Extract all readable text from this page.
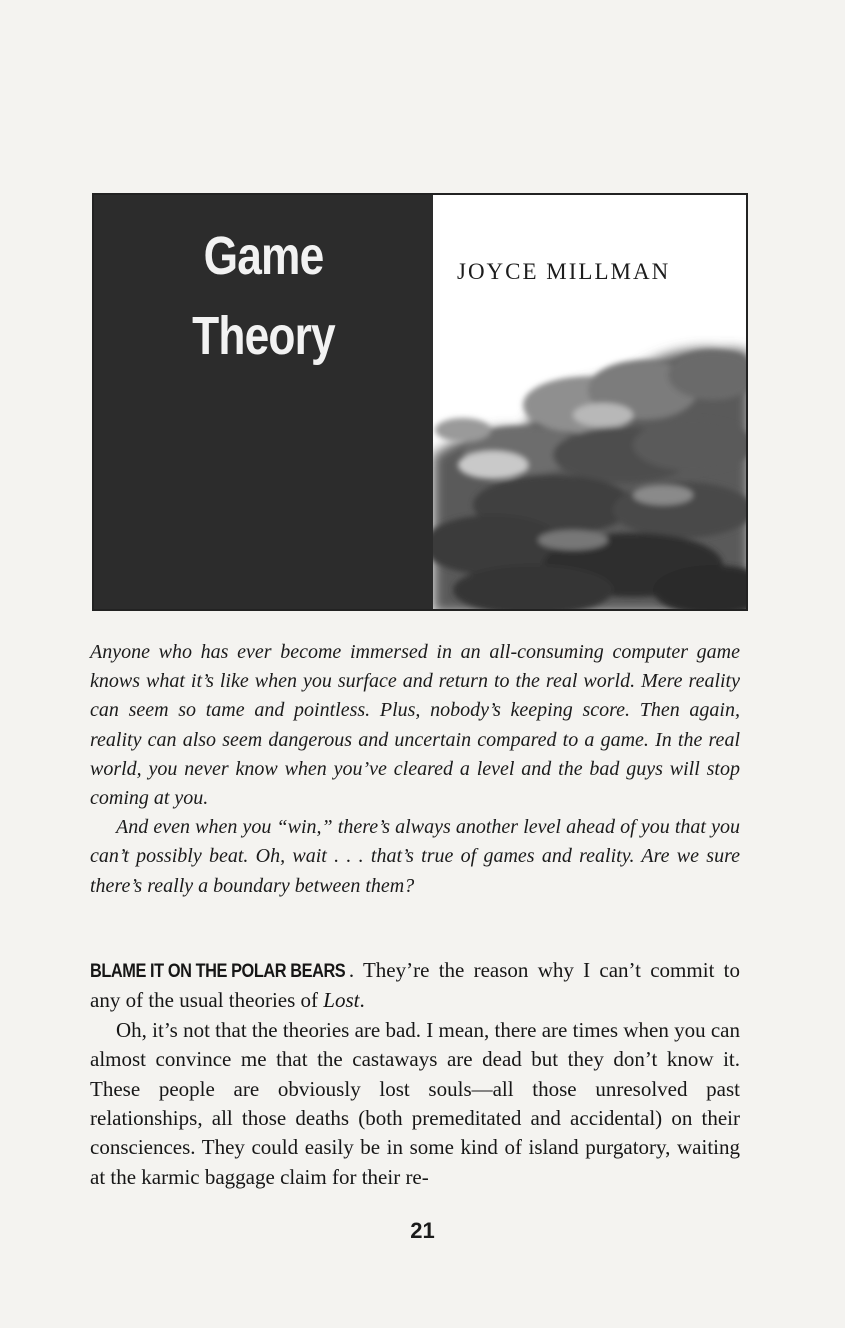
Game
Theory
JOYCE MILLMAN

Anyone who has ever become immersed in an all-consuming computer game knows what it’s like when you surface and return to the real world. Mere reality can seem so tame and pointless. Plus, nobody’s keeping score. Then again, reality can also seem dangerous and uncertain compared to a game. In the real world, you never know when you’ve cleared a level and the bad guys will stop coming at you.

And even when you “win,” there’s always another level ahead of you that you can’t possibly beat. Oh, wait . . . that’s true of games and reality. Are we sure there’s really a boundary between them?

BLAME IT ON THE POLAR BEARS . They’re the reason why I can’t commit to any of the usual theories of Lost.

Oh, it’s not that the theories are bad. I mean, there are times when you can almost convince me that the castaways are dead but they don’t know it. These people are obviously lost souls—all those unresolved past relationships, all those deaths (both premeditated and accidental) on their consciences. They could easily be in some kind of island purgatory, waiting at the karmic baggage claim for their re-

21
